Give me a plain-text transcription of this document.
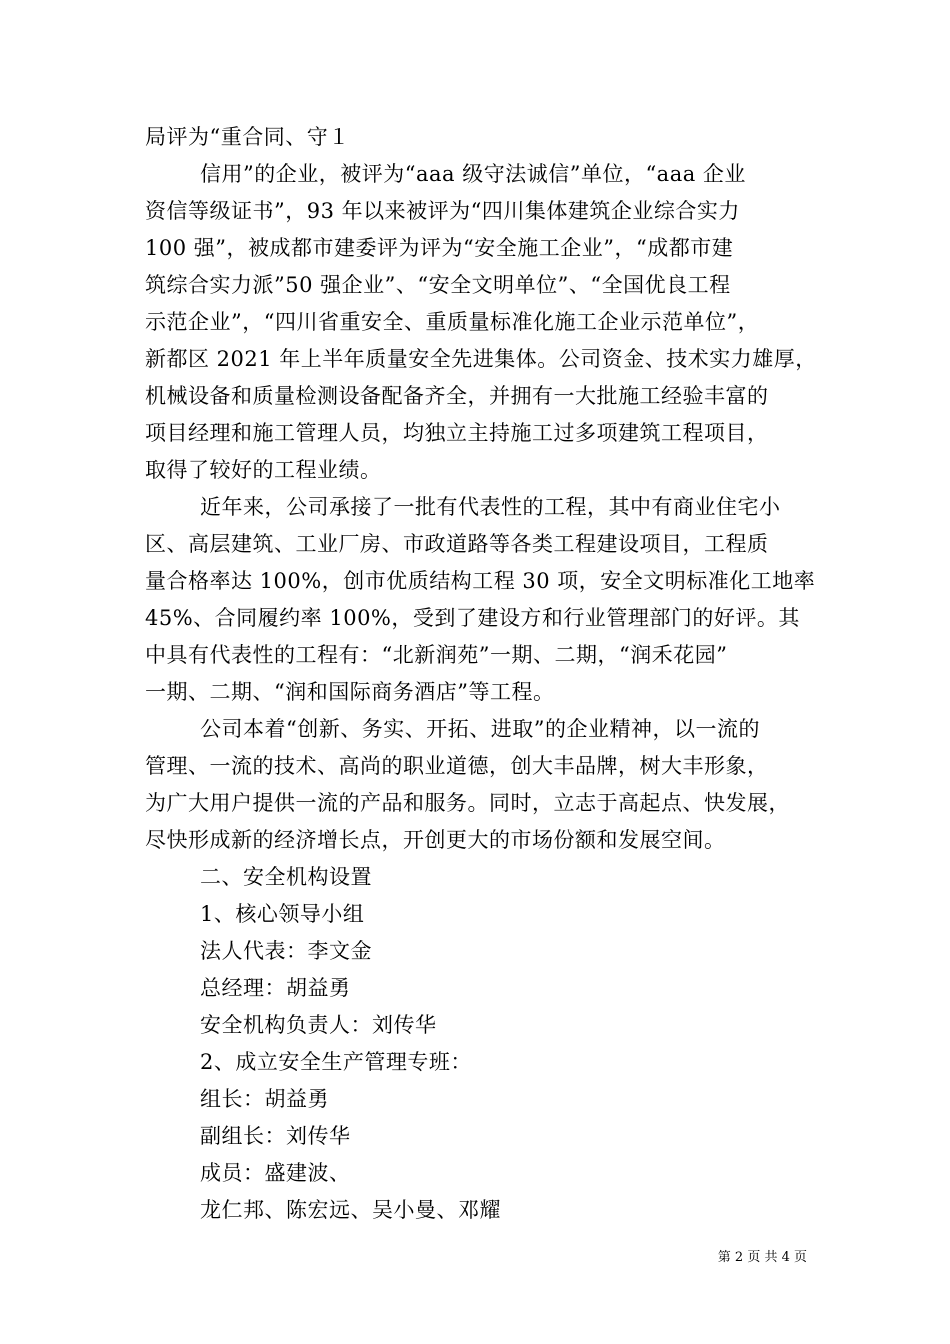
局评为“重合同、守１
信用”的企业，被评为“aaa 级守法诚信”单位，“aaa 企业
资信等级证书”，93 年以来被评为“四川集体建筑企业综合实力
100 强”，被成都市建委评为评为“安全施工企业”，“成都市建
筑综合实力派”50 强企业”、“安全文明单位”、“全国优良工程
示范企业”，“四川省重安全、重质量标准化施工企业示范单位”，
新都区 2021 年上半年质量安全先进集体。公司资金、技术实力雄厚，
机械设备和质量检测设备配备齐全，并拥有一大批施工经验丰富的
项目经理和施工管理人员，均独立主持施工过多项建筑工程项目，
取得了较好的工程业绩。
近年来，公司承接了一批有代表性的工程，其中有商业住宅小
区、高层建筑、工业厂房、市政道路等各类工程建设项目，工程质
量合格率达 100%，创市优质结构工程 30 项，安全文明标准化工地率
45%、合同履约率 100%，受到了建设方和行业管理部门的好评。其
中具有代表性的工程有：“北新润苑”一期、二期，“润禾花园”
一期、二期、“润和国际商务酒店”等工程。
公司本着“创新、务实、开拓、进取”的企业精神，以一流的
管理、一流的技术、高尚的职业道德，创大丰品牌，树大丰形象，
为广大用户提供一流的产品和服务。同时，立志于高起点、快发展，
尽快形成新的经济增长点，开创更大的市场份额和发展空间。
二、安全机构设置
1、核心领导小组
法人代表：李文金
总经理：胡益勇
安全机构负责人：刘传华
2、成立安全生产管理专班：
组长：胡益勇
副组长：刘传华
成员：盛建波、
龙仁邦、陈宏远、吴小曼、邓耀
第 2 页 共 4 页
